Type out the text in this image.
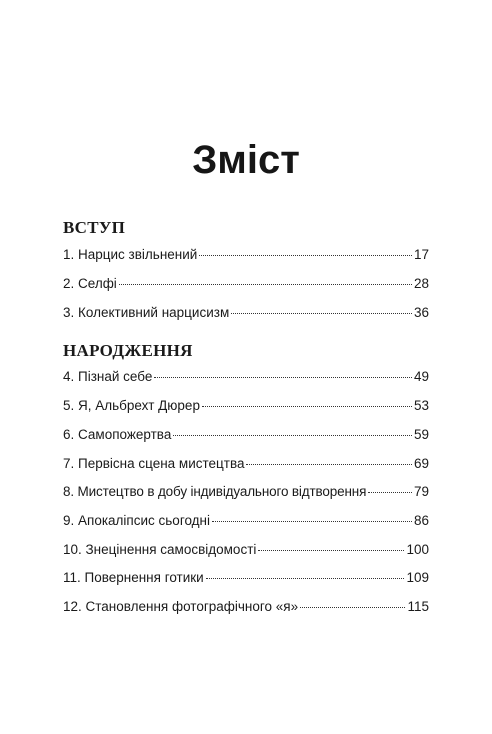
Зміст
ВСТУП
1. Нарцис звільнений	17
2. Селфі	28
3. Колективний нарцисизм	36
НАРОДЖЕННЯ
4. Пізнай себе	49
5. Я, Альбрехт Дюрер	53
6. Самопожертва	59
7. Первісна сцена мистецтва	69
8. Мистецтво в добу індивідуального відтворення	79
9. Апокаліпсис сьогодні	86
10. Знецінення самосвідомості	100
11. Повернення готики	109
12. Становлення фотографічного «я»	115
